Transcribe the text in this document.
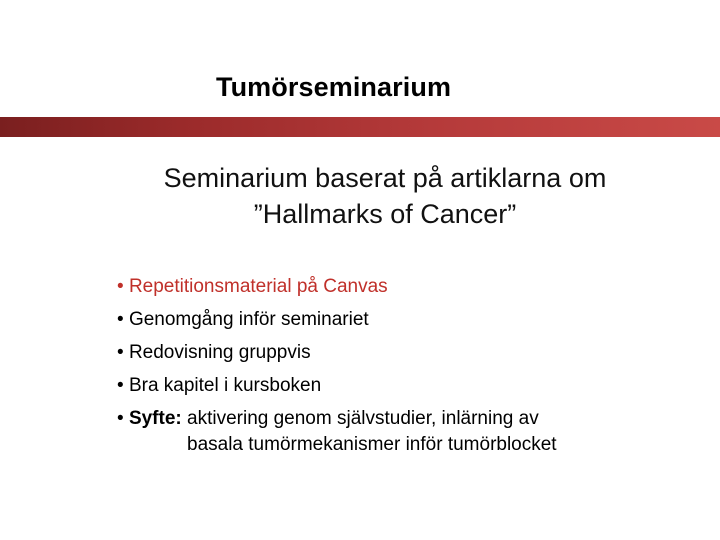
Tumörseminarium
Seminarium baserat på artiklarna om
”Hallmarks of Cancer”
• Repetitionsmaterial på Canvas
• Genomgång inför seminariet
• Redovisning gruppvis
• Bra kapitel i kursboken
• Syfte: aktivering genom självstudier, inlärning av
basala tumörmekanismer inför tumörblocket
